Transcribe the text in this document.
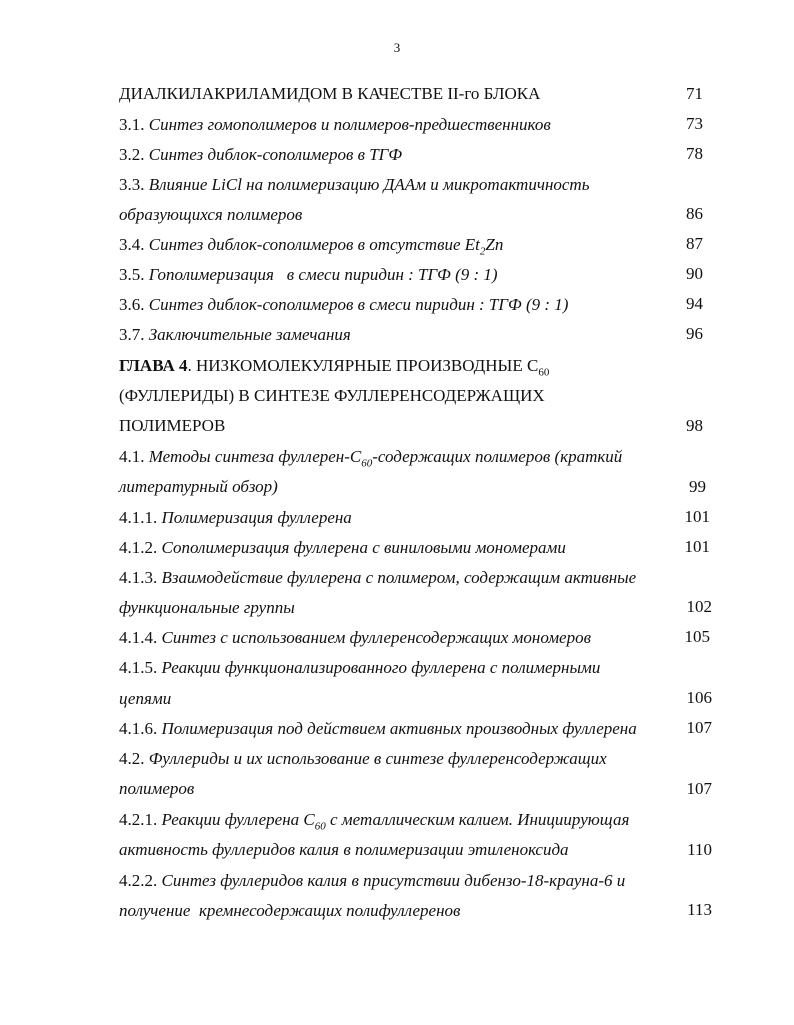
3
ДИАЛКИЛАКРИЛАМИДОМ В КАЧЕСТВЕ II-го БЛОКА	71
3.1. Синтез гомополимеров и полимеров-предшественников	73
3.2. Синтез диблок-сополимеров в ТГФ	78
3.3. Влияние LiCl на полимеризацию ДААм и микротактичность
образующихся полимеров	86
3.4. Синтез диблок-сополимеров в отсутствие $Et_2Zn$	87
3.5. Гополимеризация   в смеси пиридин : ТГФ (9 : 1)	90
3.6. Синтез диблок-сополимеров в смеси пиридин : ТГФ (9 : 1)	94
3.7. Заключительные замечания	96
ГЛАВА 4. НИЗКОМОЛЕКУЛЯРНЫЕ ПРОИЗВОДНЫЕ $С_{60}$
(ФУЛЛЕРИДЫ) В СИНТЕЗЕ ФУЛЛЕРЕНСОДЕРЖАЩИХ
ПОЛИМЕРОВ	98
4.1. Методы синтеза фуллерен-$С_{60}$-содержащих полимеров (краткий
литературный обзор)	99
4.1.1. Полимеризация фуллерена	101
4.1.2. Сополимеризация фуллерена с виниловыми мономерами	101
4.1.3. Взаимодействие фуллерена с полимером, содержащим активные
функциональные группы	102
4.1.4. Синтез с использованием фуллеренсодержащих мономеров	105
4.1.5. Реакции функционализированного фуллерена с полимерными
цепями	106
4.1.6. Полимеризация под действием активных производных фуллерена	107
4.2. Фуллериды и их использование в синтезе фуллеренсодержащих
полимеров	107
4.2.1. Реакции фуллерена $С_{60}$ с металлическим калием. Инициирующая
активность фуллеридов калия в полимеризации этиленоксида	110
4.2.2. Синтез фуллеридов калия в присутствии дибензо-18-крауна-6 и
получение  кремнесодержащих полифуллеренов	113
